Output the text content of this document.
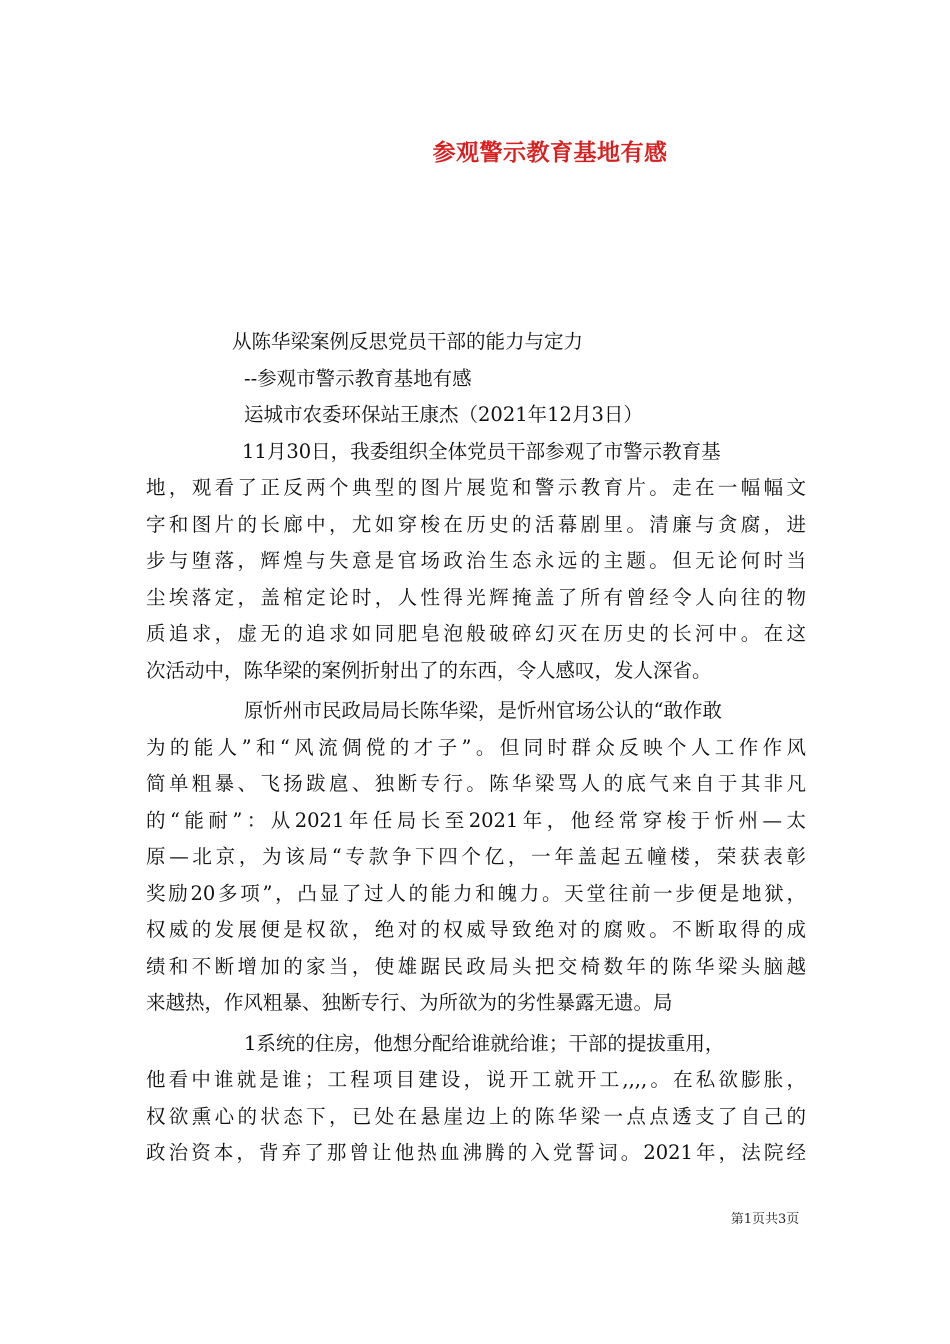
参观警示教育基地有感
从陈华梁案例反思党员干部的能力与定力
--参观市警示教育基地有感
运城市农委环保站王康杰（2021年12月3日）
11月30日，我委组织全体党员干部参观了市警示教育基
地，观看了正反两个典型的图片展览和警示教育片。走在一幅幅文
字和图片的长廊中，尤如穿梭在历史的活幕剧里。清廉与贪腐，进
步与堕落，辉煌与失意是官场政治生态永远的主题。但无论何时当
尘埃落定，盖棺定论时，人性得光辉掩盖了所有曾经令人向往的物
质追求，虚无的追求如同肥皂泡般破碎幻灭在历史的长河中。在这
次活动中，陈华梁的案例折射出了的东西，令人感叹，发人深省。
原忻州市民政局局长陈华梁，是忻州官场公认的“敢作敢
为的能人”和“风流倜傥的才子”。但同时群众反映个人工作作风
简单粗暴、飞扬跋扈、独断专行。陈华梁骂人的底气来自于其非凡
的“能耐”：从2021年任局长至2021年，他经常穿梭于忻州—太
原—北京，为该局“专款争下四个亿，一年盖起五幢楼，荣获表彰
奖励20多项”，凸显了过人的能力和魄力。天堂往前一步便是地狱，
权威的发展便是权欲，绝对的权威导致绝对的腐败。不断取得的成
绩和不断增加的家当，使雄踞民政局头把交椅数年的陈华梁头脑越
来越热，作风粗暴、独断专行、为所欲为的劣性暴露无遗。局
1系统的住房，他想分配给谁就给谁；干部的提拔重用，
他看中谁就是谁；工程项目建设，说开工就开工,,,,。在私欲膨胀，
权欲熏心的状态下，已处在悬崖边上的陈华梁一点点透支了自己的
政治资本，背弃了那曾让他热血沸腾的入党誓词。2021年，法院经
第1页共3页
